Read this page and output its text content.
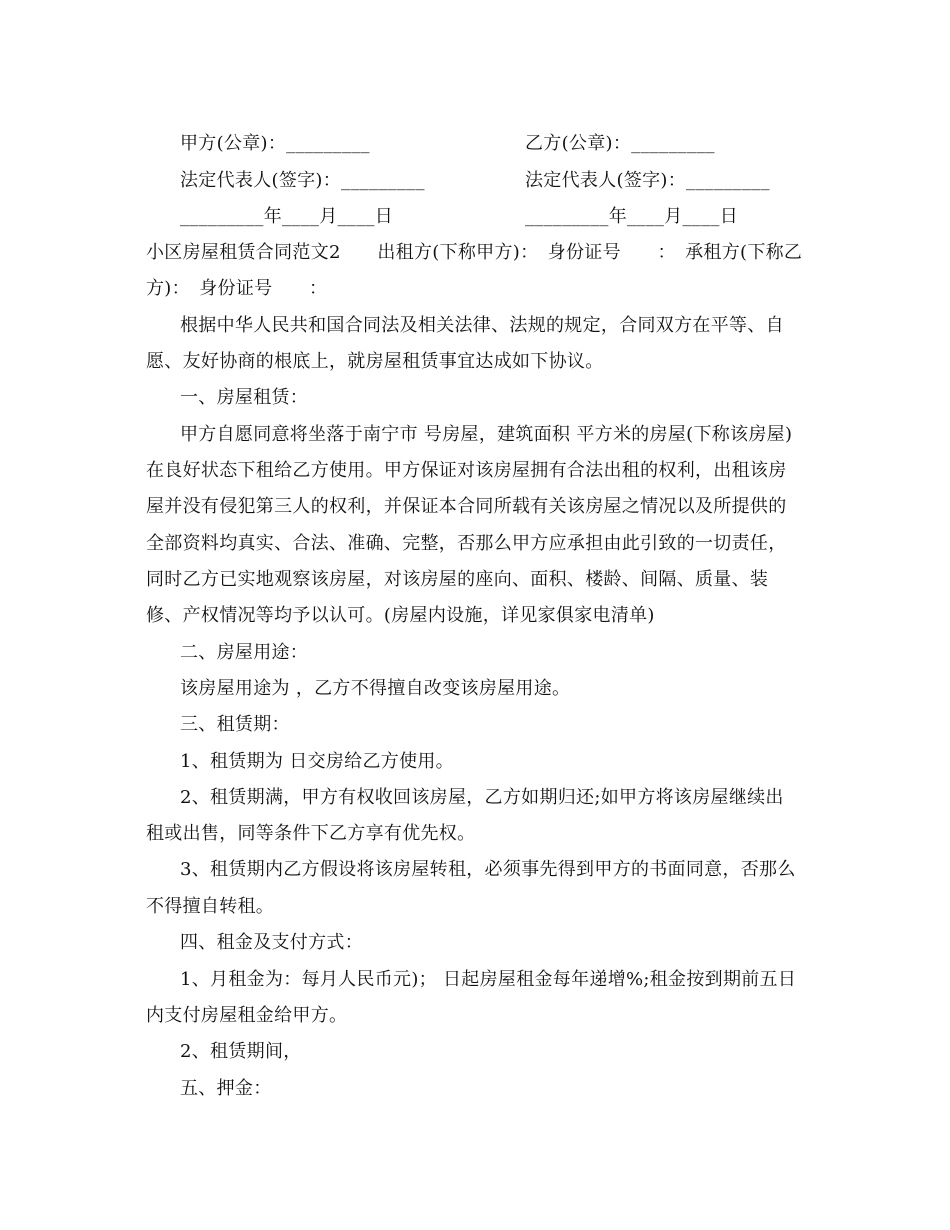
甲方(公章)：_________	乙方(公章)：_________
法定代表人(签字)：_________	法定代表人(签字)：_________
_________年____月____日	_________年____月____日
小区房屋租赁合同范文2　　出租方(下称甲方)：　身份证号　　：　承租方(下称乙
方)：　身份证号　　：
根据中华人民共和国合同法及相关法律、法规的规定，合同双方在平等、自
愿、友好协商的根底上，就房屋租赁事宜达成如下协议。
一、房屋租赁：
甲方自愿同意将坐落于南宁市 号房屋，建筑面积 平方米的房屋(下称该房屋)
在良好状态下租给乙方使用。甲方保证对该房屋拥有合法出租的权利，出租该房
屋并没有侵犯第三人的权利，并保证本合同所载有关该房屋之情况以及所提供的
全部资料均真实、合法、准确、完整，否那么甲方应承担由此引致的一切责任，
同时乙方已实地观察该房屋，对该房屋的座向、面积、楼龄、间隔、质量、装
修、产权情况等均予以认可。(房屋内设施，详见家俱家电清单)
二、房屋用途：
该房屋用途为 ，乙方不得擅自改变该房屋用途。
三、租赁期：
1、租赁期为 日交房给乙方使用。
2、租赁期满，甲方有权收回该房屋，乙方如期归还;如甲方将该房屋继续出
租或出售，同等条件下乙方享有优先权。
3、租赁期内乙方假设将该房屋转租，必须事先得到甲方的书面同意，否那么
不得擅自转租。
四、租金及支付方式：
1、月租金为：每月人民币元)； 日起房屋租金每年递增%;租金按到期前五日
内支付房屋租金给甲方。
2、租赁期间，
五、押金：
